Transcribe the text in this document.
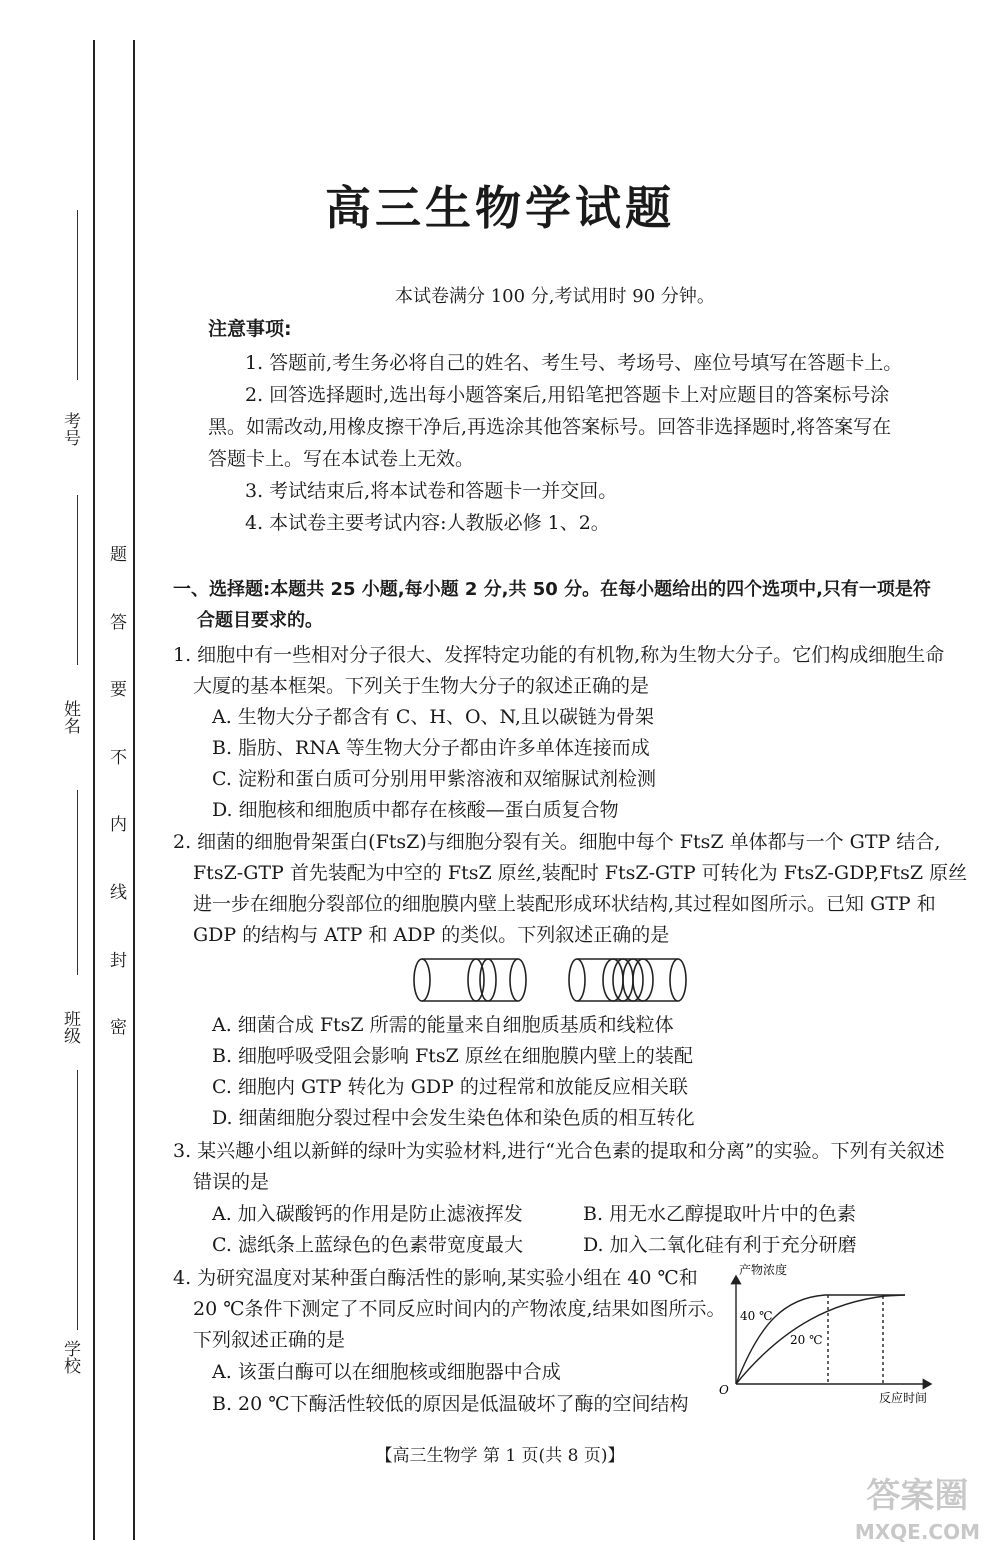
考号
姓名
班级
学校
题
答
要
不
内
线
封
密
高三生物学试题
本试卷满分 100 分,考试用时 90 分钟。
注意事项:
1. 答题前,考生务必将自己的姓名、考生号、考场号、座位号填写在答题卡上。
2. 回答选择题时,选出每小题答案后,用铅笔把答题卡上对应题目的答案标号涂
黑。如需改动,用橡皮擦干净后,再选涂其他答案标号。回答非选择题时,将答案写在
答题卡上。写在本试卷上无效。
3. 考试结束后,将本试卷和答题卡一并交回。
4. 本试卷主要考试内容:人教版必修 1、2。
一、选择题:本题共 25 小题,每小题 2 分,共 50 分。在每小题给出的四个选项中,只有一项是符
合题目要求的。
1. 细胞中有一些相对分子很大、发挥特定功能的有机物,称为生物大分子。它们构成细胞生命
大厦的基本框架。下列关于生物大分子的叙述正确的是
A. 生物大分子都含有 C、H、O、N,且以碳链为骨架
B. 脂肪、RNA 等生物大分子都由许多单体连接而成
C. 淀粉和蛋白质可分别用甲紫溶液和双缩脲试剂检测
D. 细胞核和细胞质中都存在核酸—蛋白质复合物
2. 细菌的细胞骨架蛋白(FtsZ)与细胞分裂有关。细胞中每个 FtsZ 单体都与一个 GTP 结合,
FtsZ-GTP 首先装配为中空的 FtsZ 原丝,装配时 FtsZ-GTP 可转化为 FtsZ-GDP,FtsZ 原丝
进一步在细胞分裂部位的细胞膜内壁上装配形成环状结构,其过程如图所示。已知 GTP 和
GDP 的结构与 ATP 和 ADP 的类似。下列叙述正确的是
A. 细菌合成 FtsZ 所需的能量来自细胞质基质和线粒体
B. 细胞呼吸受阻会影响 FtsZ 原丝在细胞膜内壁上的装配
C. 细胞内 GTP 转化为 GDP 的过程常和放能反应相关联
D. 细菌细胞分裂过程中会发生染色体和染色质的相互转化
3. 某兴趣小组以新鲜的绿叶为实验材料,进行“光合色素的提取和分离”的实验。下列有关叙述
错误的是
A. 加入碳酸钙的作用是防止滤液挥发	B. 用无水乙醇提取叶片中的色素
C. 滤纸条上蓝绿色的色素带宽度最大	D. 加入二氧化硅有利于充分研磨
4. 为研究温度对某种蛋白酶活性的影响,某实验小组在 40 ℃和
20 ℃条件下测定了不同反应时间内的产物浓度,结果如图所示。
下列叙述正确的是
A. 该蛋白酶可以在细胞核或细胞器中合成
B. 20 ℃下酶活性较低的原因是低温破坏了酶的空间结构
产物浓度
反应时间
O
40 ℃
20 ℃
【高三生物学 第 1 页(共 8 页)】
答案圈
MXQE.COM
